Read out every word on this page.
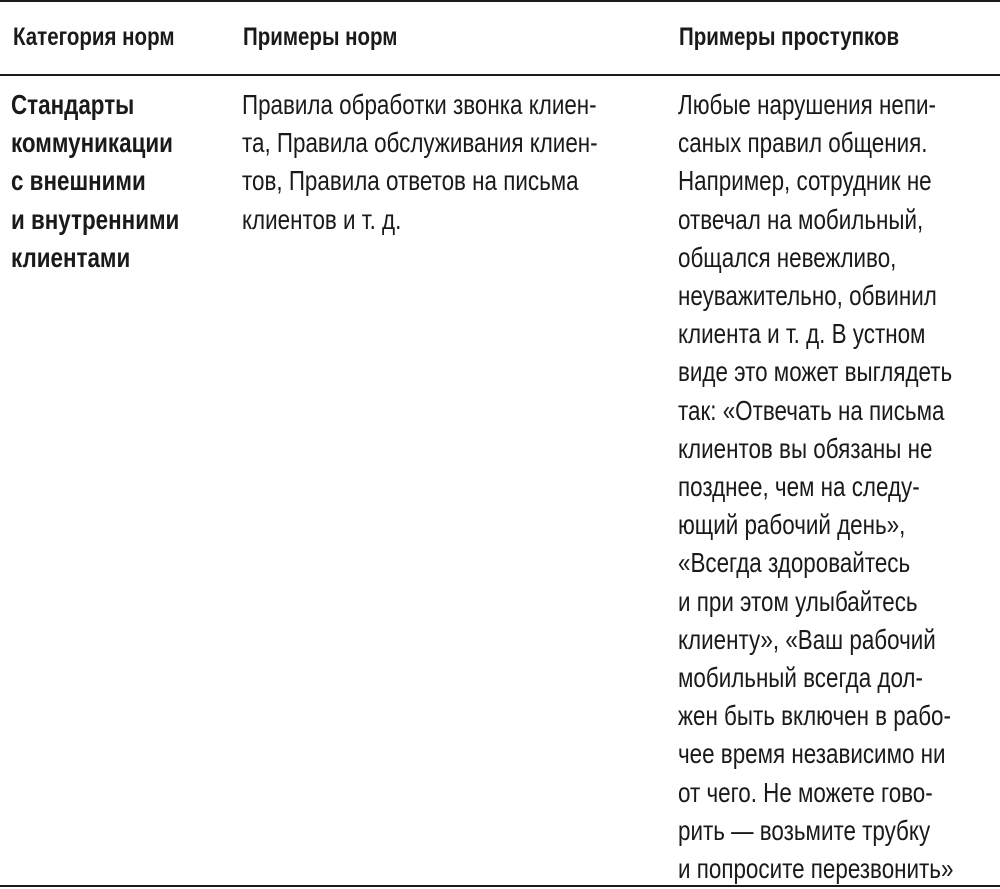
Категория норм	Примеры норм	Примеры проступков
Стандарты
коммуникации
с внешними
и внутренними
клиентами
Правила обработки звонка клиен-
та, Правила обслуживания клиен-
тов, Правила ответов на письма
клиентов и т. д.
Любые нарушения непи-
саных правил общения.
Например, сотрудник не
отвечал на мобильный,
общался невежливо,
неуважительно, обвинил
клиента и т. д. В устном
виде это может выглядеть
так: «Отвечать на письма
клиентов вы обязаны не
позднее, чем на следу-
ющий рабочий день»,
«Всегда здоровайтесь
и при этом улыбайтесь
клиенту», «Ваш рабочий
мобильный всегда дол-
жен быть включен в рабо-
чее время независимо ни
от чего. Не можете гово-
рить — возьмите трубку
и попросите перезвонить»
